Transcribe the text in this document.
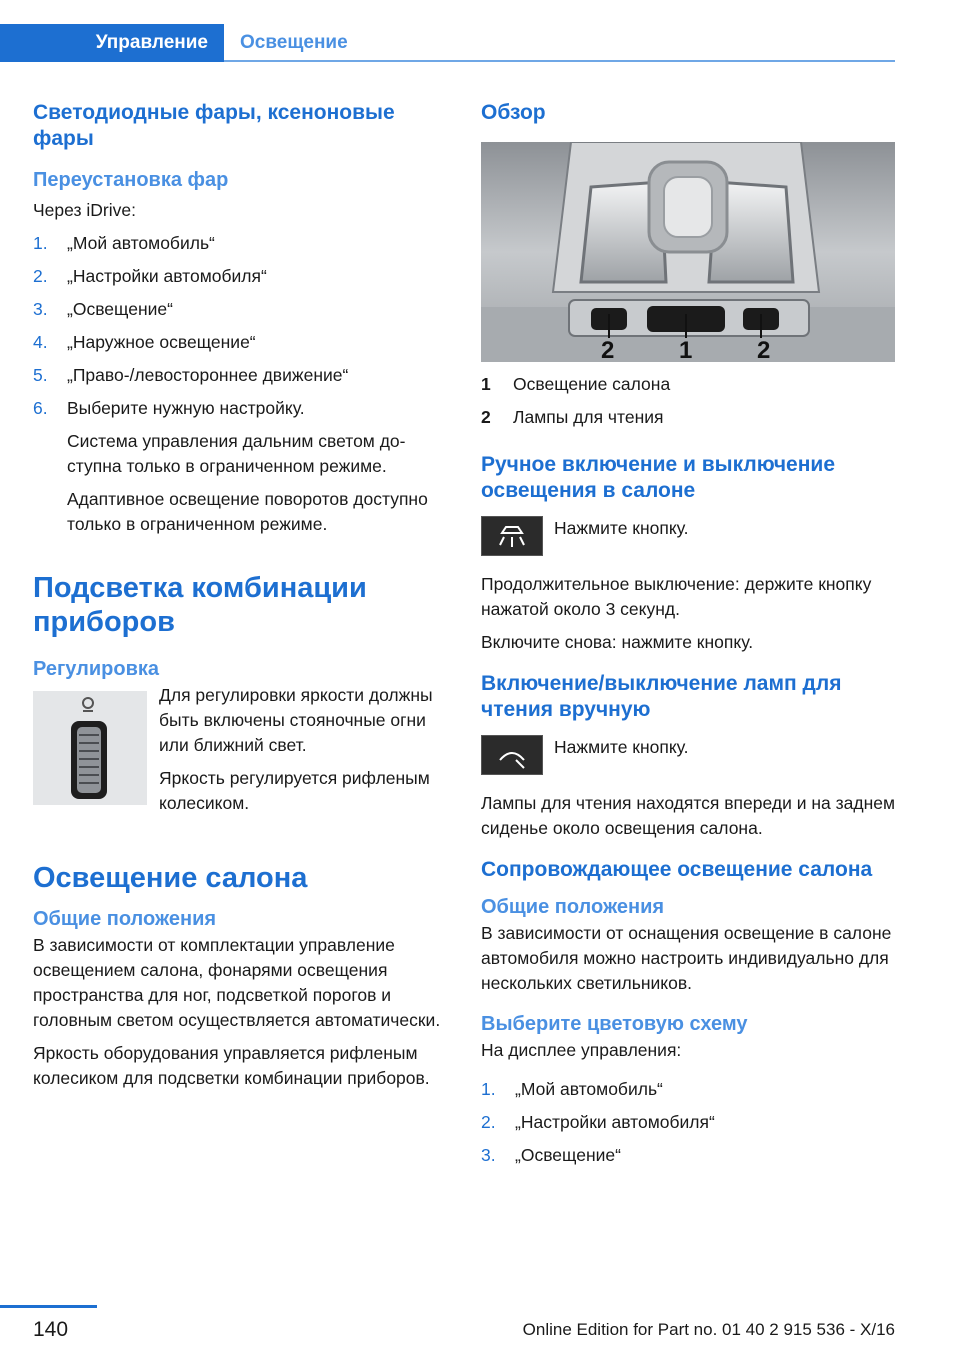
Управление Освещение
Светодиодные фары, ксеноновые фары
Переустановка фар

Через iDrive:

1. „Мой автомобиль“
2. „Настройки автомобиля“
3. „Освещение“
4. „Наружное освещение“
5. „Право-/левостороннее движение“
6. Выберите нужную настройку.

Система управления дальним светом доступна только в ограниченном режиме.

Адаптивное освещение поворотов доступно только в ограниченном режиме.

Подсветка комбинации приборов
Регулировка

Для регулировки яркости должны быть включены стояночные огни или ближний свет.

Яркость регулируется рифленым колесиком.

Освещение салона
Общие положения

В зависимости от комплектации управление освещением салона, фонарями освещения пространства для ног, подсветкой порогов и головным светом осуществляется автоматически.

Яркость оборудования управляется рифленым колесиком для подсветки комбинации приборов.

Обзор
2	1	2
1 Освещение салона
2 Лампы для чтения
Ручное включение и выключение освещения в салоне
Нажмите кнопку.

Продолжительное выключение: держите кнопку нажатой около 3 секунд.

Включите снова: нажмите кнопку.

Включение/выключение ламп для чтения вручную
Нажмите кнопку.

Лампы для чтения находятся впереди и на заднем сиденье около освещения салона.

Сопровождающее освещение салона
Общие положения

В зависимости от оснащения освещение в салоне автомобиля можно настроить индивидуально для нескольких светильников.

Выберите цветовую схему

На дисплее управления:

1. „Мой автомобиль“
2. „Настройки автомобиля“
3. „Освещение“
140	Online Edition for Part no. 01 40 2 915 536 - X/16
